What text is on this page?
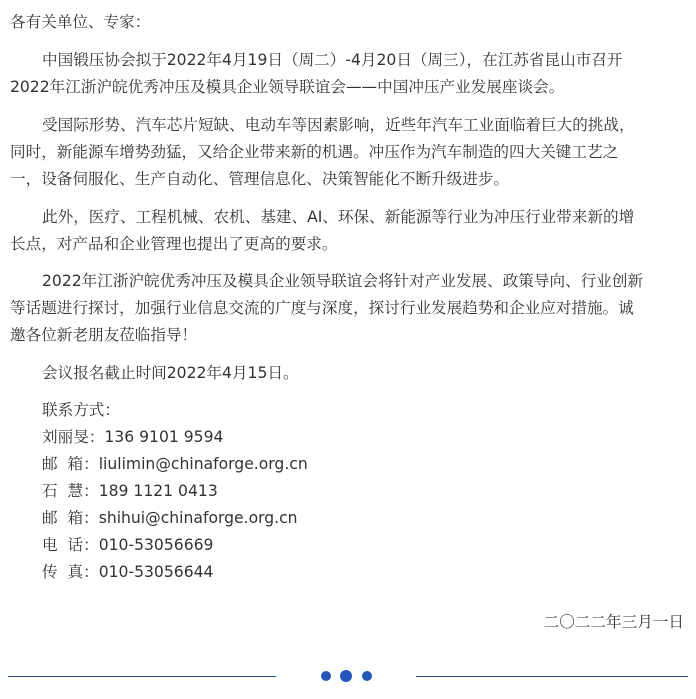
各有关单位、专家：
中国锻压协会拟于2022年4月19日（周二）-4月20日（周三），在江苏省昆山市召开
2022年江浙沪皖优秀冲压及模具企业领导联谊会——中国冲压产业发展座谈会。
受国际形势、汽车芯片短缺、电动车等因素影响，近些年汽车工业面临着巨大的挑战，
同时，新能源车增势劲猛，又给企业带来新的机遇。冲压作为汽车制造的四大关键工艺之
一，设备伺服化、生产自动化、管理信息化、决策智能化不断升级进步。
此外，医疗、工程机械、农机、基建、AI、环保、新能源等行业为冲压行业带来新的增
长点，对产品和企业管理也提出了更高的要求。
2022年江浙沪皖优秀冲压及模具企业领导联谊会将针对产业发展、政策导向、行业创新
等话题进行探讨，加强行业信息交流的广度与深度，探讨行业发展趋势和企业应对措施。诚
邀各位新老朋友莅临指导！
会议报名截止时间2022年4月15日。
联系方式：
刘丽旻：136 9101 9594
邮  箱：liulimin@chinaforge.org.cn
石  慧：189 1121 0413
邮  箱：shihui@chinaforge.org.cn
电  话：010-53056669
传  真：010-53056644
二〇二二年三月一日
